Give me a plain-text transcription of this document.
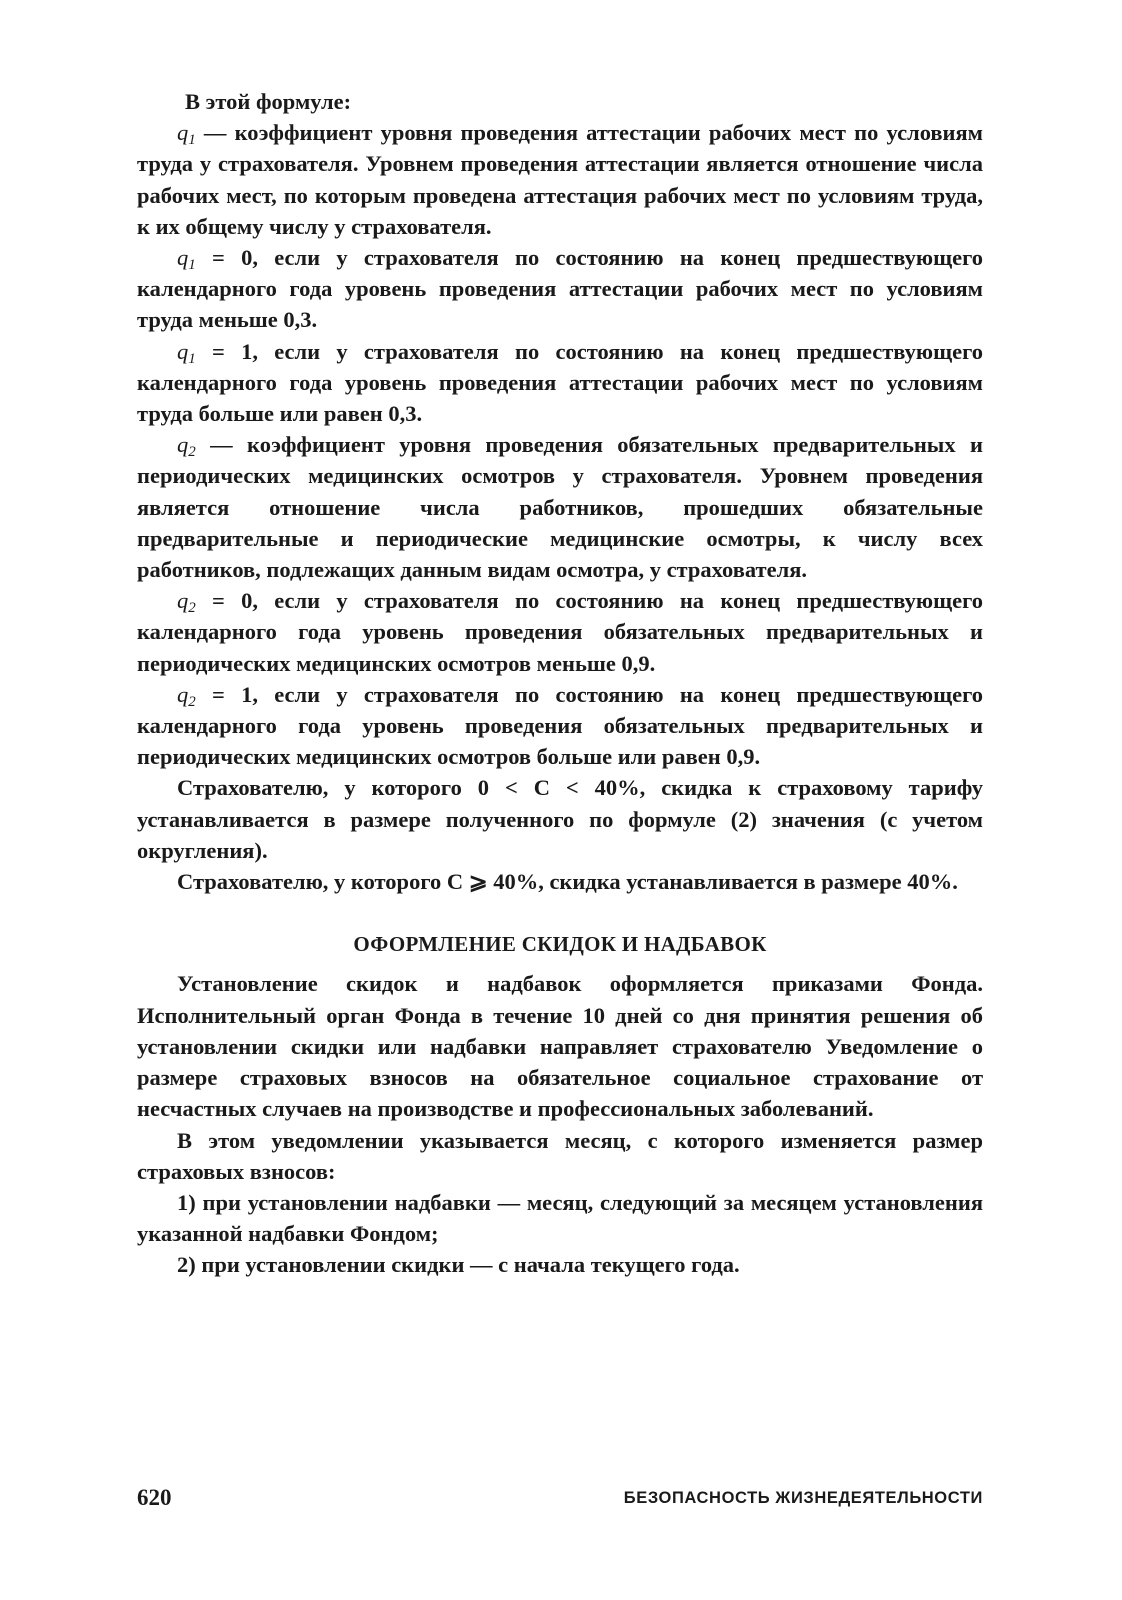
В этой формуле:

$q_1$ — коэффициент уровня проведения аттестации рабочих мест по условиям труда у страхователя. Уровнем проведения аттестации является отношение числа рабочих мест, по которым проведена аттестация рабочих мест по условиям труда, к их общему числу у страхователя.

$q_1 = 0$, если у страхователя по состоянию на конец предшествующего календарного года уровень проведения аттестации рабочих мест по условиям труда меньше 0,3.

$q_1 = 1$, если у страхователя по состоянию на конец предшествующего календарного года уровень проведения аттестации рабочих мест по условиям труда больше или равен 0,3.

$q_2$ — коэффициент уровня проведения обязательных предварительных и периодических медицинских осмотров у страхователя. Уровнем проведения является отношение числа работников, прошедших обязательные предварительные и периодические медицинские осмотры, к числу всех работников, подлежащих данным видам осмотра, у страхователя.

$q_2 = 0$, если у страхователя по состоянию на конец предшествующего календарного года уровень проведения обязательных предварительных и периодических медицинских осмотров меньше 0,9.

$q_2 = 1$, если у страхователя по состоянию на конец предшествующего календарного года уровень проведения обязательных предварительных и периодических медицинских осмотров больше или равен 0,9.

Страхователю, у которого 0 < С < 40%, скидка к страховому тарифу устанавливается в размере полученного по формуле (2) значения (с учетом округления).

Страхователю, у которого С ⩾ 40%, скидка устанавливается в размере 40%.

ОФОРМЛЕНИЕ СКИДОК И НАДБАВОК

Установление скидок и надбавок оформляется приказами Фонда. Исполнительный орган Фонда в течение 10 дней со дня принятия решения об установлении скидки или надбавки направляет страхователю Уведомление о размере страховых взносов на обязательное социальное страхование от несчастных случаев на производстве и профессиональных заболеваний.

В этом уведомлении указывается месяц, с которого изменяется размер страховых взносов:

1) при установлении надбавки — месяц, следующий за месяцем установления указанной надбавки Фондом;

2) при установлении скидки — с начала текущего года.

620	БЕЗОПАСНОСТЬ ЖИЗНЕДЕЯТЕЛЬНОСТИ
